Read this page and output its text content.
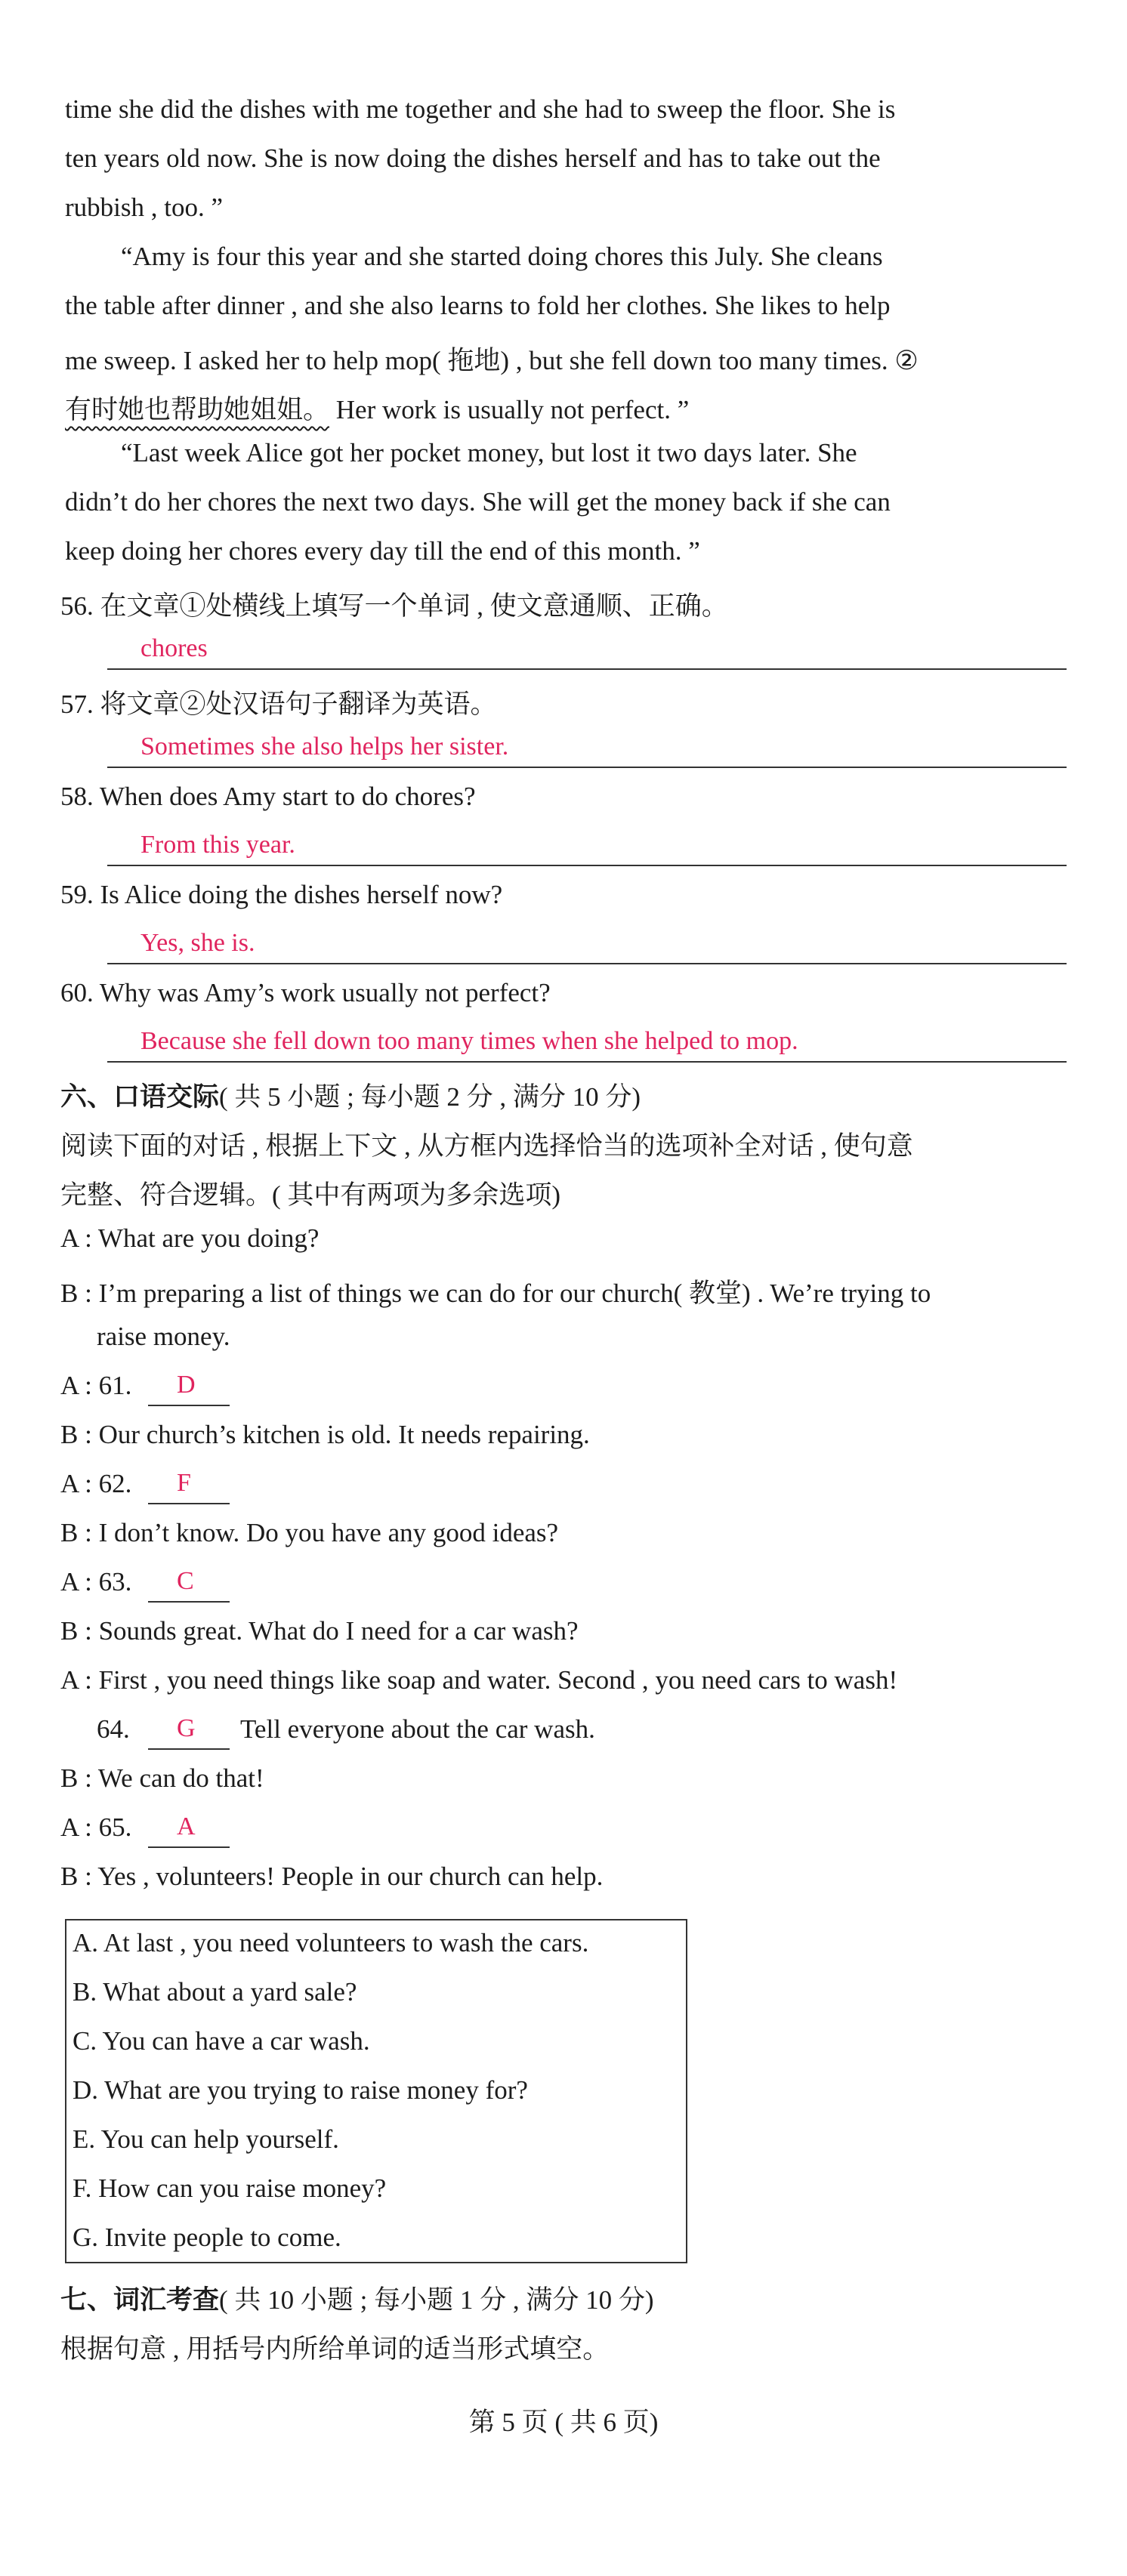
time she did the dishes with me together and she had to sweep the floor. She is
ten years old now. She is now doing the dishes herself and has to take out the
rubbish , too. ”
“Amy is four this year and she started doing chores this July. She cleans
the table after dinner , and she also learns to fold her clothes. She likes to help
me sweep. I asked her to help mop( 拖地) , but she fell down too many times. ②
有时她也帮助她姐姐。 Her work is usually not perfect. ”
“Last week Alice got her pocket money, but lost it two days later. She
didn’t do her chores the next two days. She will get the money back if she can
keep doing her chores every day till the end of this month. ”
56. 在文章①处横线上填写一个单词 , 使文意通顺、正确。
chores
57. 将文章②处汉语句子翻译为英语。
Sometimes she also helps her sister.
58. When does Amy start to do chores?
From this year.
59. Is Alice doing the dishes herself now?
Yes, she is.
60. Why was Amy’s work usually not perfect?
Because she fell down too many times when she helped to mop.
六、口语交际( 共 5 小题 ; 每小题 2 分 , 满分 10 分)
阅读下面的对话 , 根据上下文 , 从方框内选择恰当的选项补全对话 , 使句意
完整、符合逻辑。( 其中有两项为多余选项)
A : What are you doing?
B : I’m preparing a list of things we can do for our church( 教堂) . We’re trying to
raise money.
A : 61. D
B : Our church’s kitchen is old. It needs repairing.
A : 62. F
B : I don’t know. Do you have any good ideas?
A : 63. C
B : Sounds great. What do I need for a car wash?
A : First , you need things like soap and water. Second , you need cars to wash!
64. G Tell everyone about the car wash.
B : We can do that!
A : 65. A
B : Yes , volunteers! People in our church can help.
A. At last , you need volunteers to wash the cars.
B. What about a yard sale?
C. You can have a car wash.
D. What are you trying to raise money for?
E. You can help yourself.
F. How can you raise money?
G. Invite people to come.
七、词汇考查( 共 10 小题 ; 每小题 1 分 , 满分 10 分)
根据句意 , 用括号内所给单词的适当形式填空。
第 5 页 ( 共 6 页)
